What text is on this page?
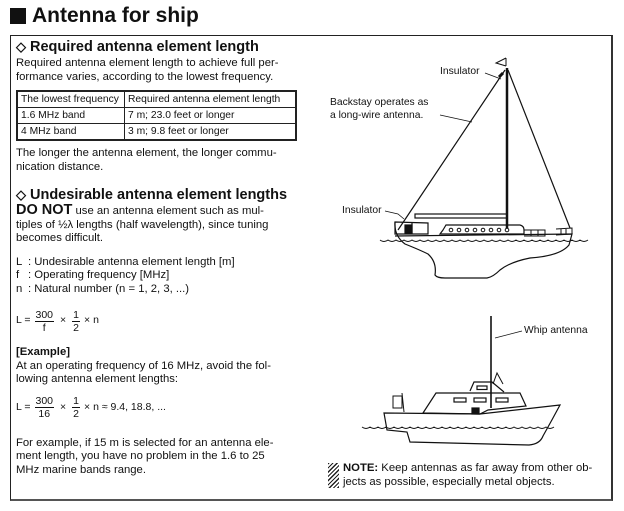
Antenna for ship
◇ Required antenna element length

Required antenna element length to achieve full per-
formance varies, according to the lowest frequency.

The lowest frequency	Required antenna element length
1.6 MHz band	7 m; 23.0 feet or longer
4 MHz band	3 m; 9.8 feet or longer

The longer the antenna element, the longer commu-
nication distance.

◇ Undesirable antenna element lengths

DO NOT use an antenna element such as mul-
tiples of ½λ lengths (half wavelength), since tuning
becomes difficult.

L : Undesirable antenna element length [m]
f : Operating frequency [MHz]
n : Natural number (n = 1, 2, 3, ...)
$L = \frac{300}{f} \times \frac{1}{2} \times n$

[Example]

At an operating frequency of 16 MHz, avoid the fol-
lowing antenna element lengths:

$L = \frac{300}{16} \times \frac{1}{2} \times n \approx 9.4$, 18.8, ...

For example, if 15 m is selected for an antenna ele-
ment length, you have no problem in the 1.6 to 25
MHz marine bands range.

Insulator
Backstay operates as
a long-wire antenna.
Insulator
Whip antenna
NOTE: Keep antennas as far away from other ob-
jects as possible, especially metal objects.
